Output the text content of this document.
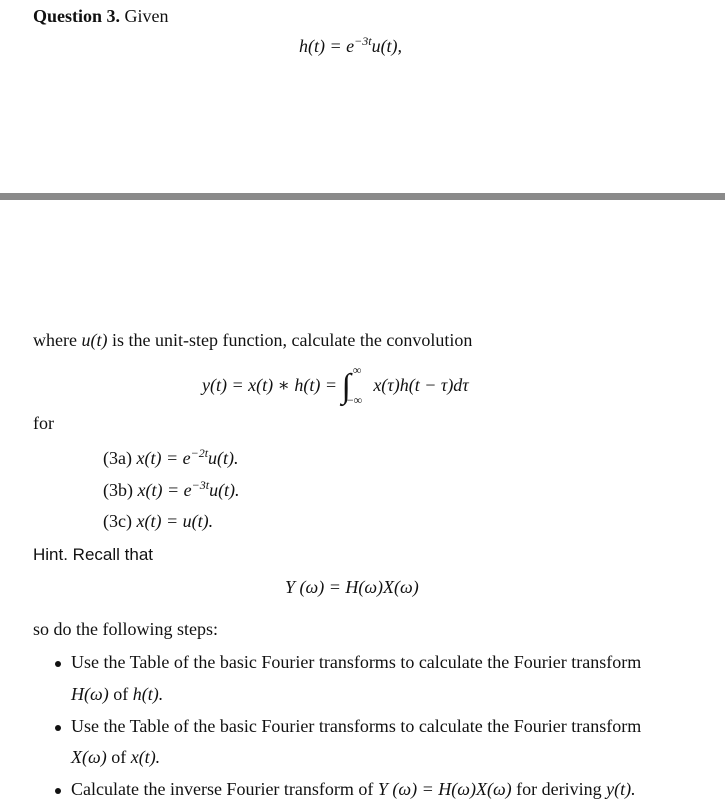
Question 3. Given
$h(t) = e^{-3t}u(t)$,
where u(t) is the unit-step function, calculate the convolution
y(t) = x(t) ∗ h(t) = ∫ ∞
−∞
x(τ)h(t − τ)dτ
for
(3a) $x(t) = e^{-2t}u(t)$.
(3b) $x(t) = e^{-3t}u(t)$.
(3c) x(t) = u(t).
Hint. Recall that
Y (ω) = H(ω)X(ω)
so do the following steps:
Use the Table of the basic Fourier transforms to calculate the Fourier transform
H(ω) of h(t).
Use the Table of the basic Fourier transforms to calculate the Fourier transform
X(ω) of x(t).
Calculate the inverse Fourier transform of Y (ω) = H(ω)X(ω) for deriving y(t).
